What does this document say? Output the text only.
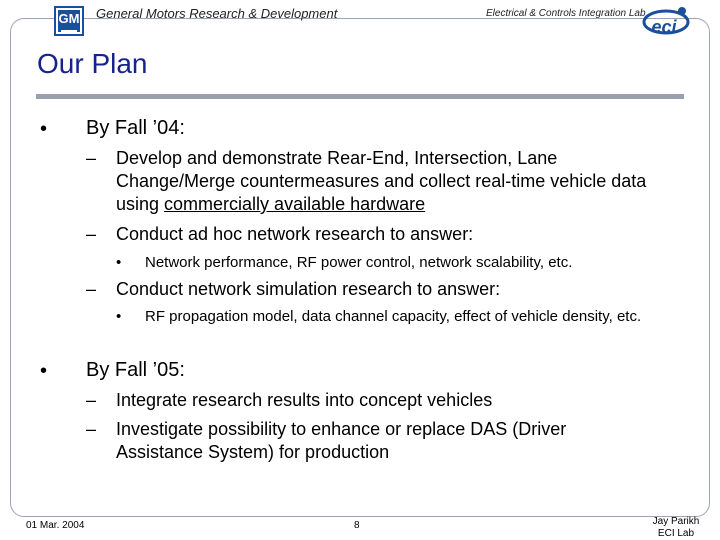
GM General Motors Research & Development	Electrical & Controls Integration Lab
eci
Our Plan
• By Fall ’04:
– Develop and demonstrate Rear-End, Intersection, Lane Change/Merge countermeasures and collect real-time vehicle data using commercially available hardware
– Conduct ad hoc network research to answer:
• Network performance, RF power control, network scalability, etc.
– Conduct network simulation research to answer:
• RF propagation model, data channel capacity, effect of vehicle density, etc.
• By Fall ’05:
– Integrate research results into concept vehicles
– Investigate possibility to enhance or replace DAS (Driver Assistance System) for production
01 Mar. 2004	8	Jay Parikh
ECI Lab
